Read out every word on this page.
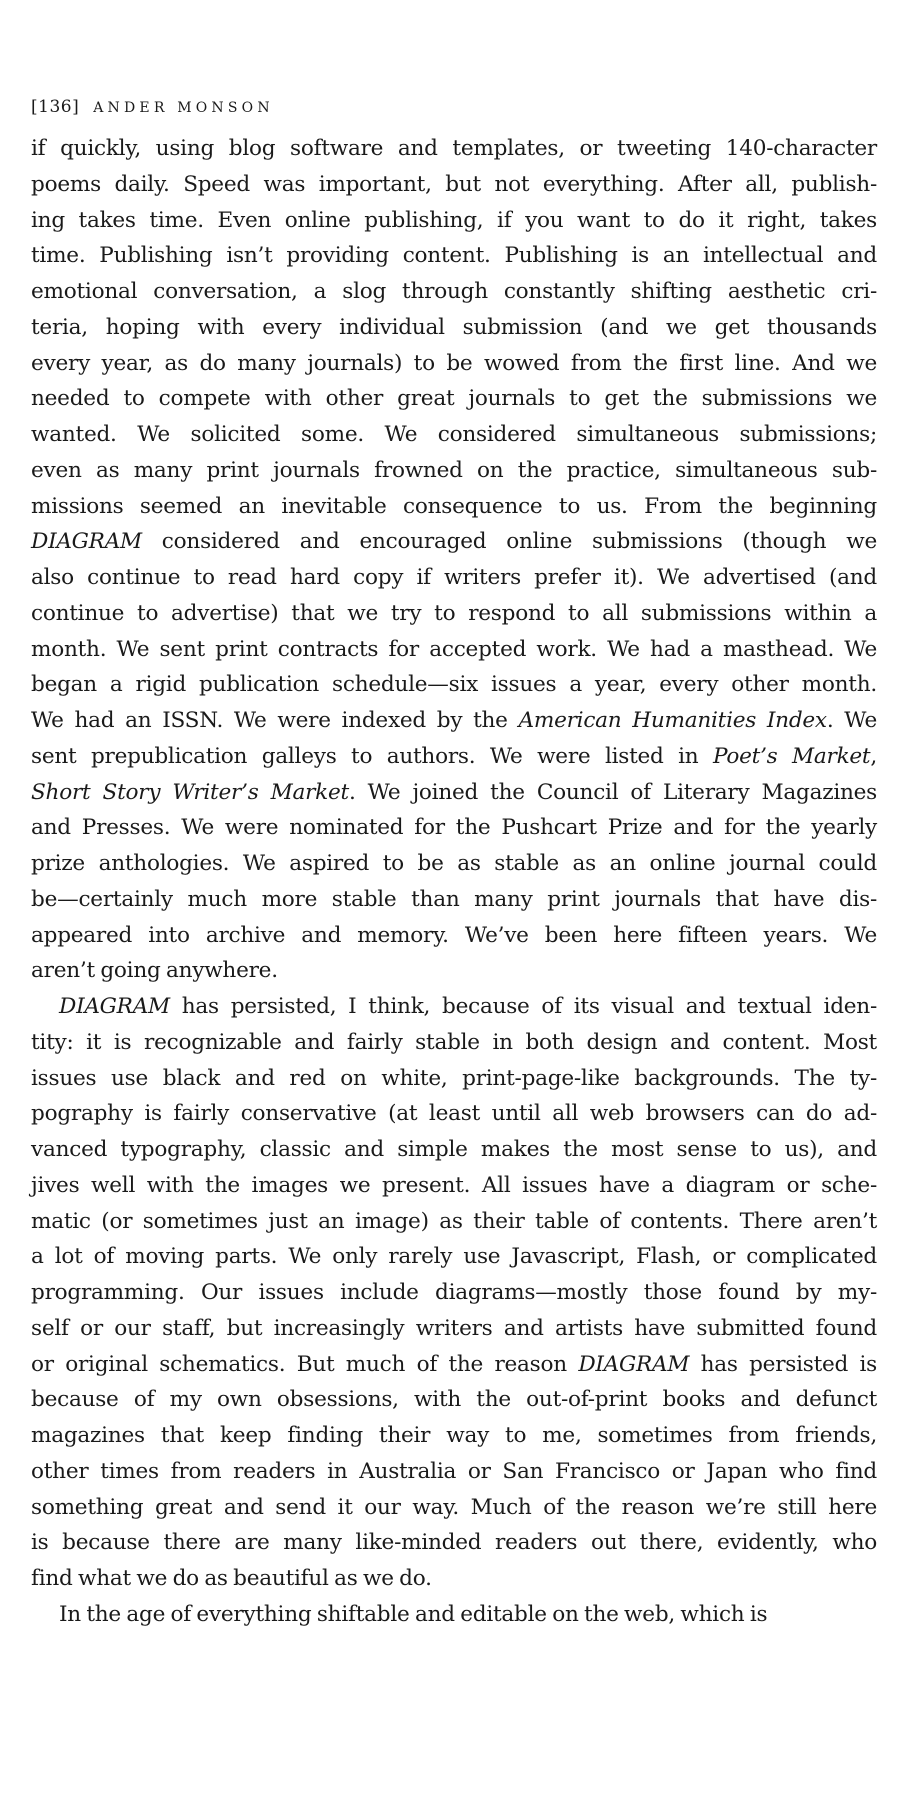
[136] ANDER MONSON
if quickly, using blog software and templates, or tweeting 140-character
poems daily. Speed was important, but not everything. After all, publish-
ing takes time. Even online publishing, if you want to do it right, takes
time. Publishing isn’t providing content. Publishing is an intellectual and
emotional conversation, a slog through constantly shifting aesthetic cri-
teria, hoping with every individual submission (and we get thousands
every year, as do many journals) to be wowed from the first line. And we
needed to compete with other great journals to get the submissions we
wanted. We solicited some. We considered simultaneous submissions;
even as many print journals frowned on the practice, simultaneous sub-
missions seemed an inevitable consequence to us. From the beginning
DIAGRAM considered and encouraged online submissions (though we
also continue to read hard copy if writers prefer it). We advertised (and
continue to advertise) that we try to respond to all submissions within a
month. We sent print contracts for accepted work. We had a masthead. We
began a rigid publication schedule—six issues a year, every other month.
We had an ISSN. We were indexed by the American Humanities Index. We
sent prepublication galleys to authors. We were listed in Poet’s Market,
Short Story Writer’s Market. We joined the Council of Literary Magazines
and Presses. We were nominated for the Pushcart Prize and for the yearly
prize anthologies. We aspired to be as stable as an online journal could
be—certainly much more stable than many print journals that have dis-
appeared into archive and memory. We’ve been here fifteen years. We
aren’t going anywhere.
DIAGRAM has persisted, I think, because of its visual and textual iden-
tity: it is recognizable and fairly stable in both design and content. Most
issues use black and red on white, print-page-like backgrounds. The ty-
pography is fairly conservative (at least until all web browsers can do ad-
vanced typography, classic and simple makes the most sense to us), and
jives well with the images we present. All issues have a diagram or sche-
matic (or sometimes just an image) as their table of contents. There aren’t
a lot of moving parts. We only rarely use Javascript, Flash, or complicated
programming. Our issues include diagrams—mostly those found by my-
self or our staff, but increasingly writers and artists have submitted found
or original schematics. But much of the reason DIAGRAM has persisted is
because of my own obsessions, with the out-of-print books and defunct
magazines that keep finding their way to me, sometimes from friends,
other times from readers in Australia or San Francisco or Japan who find
something great and send it our way. Much of the reason we’re still here
is because there are many like-minded readers out there, evidently, who
find what we do as beautiful as we do.
In the age of everything shiftable and editable on the web, which is
